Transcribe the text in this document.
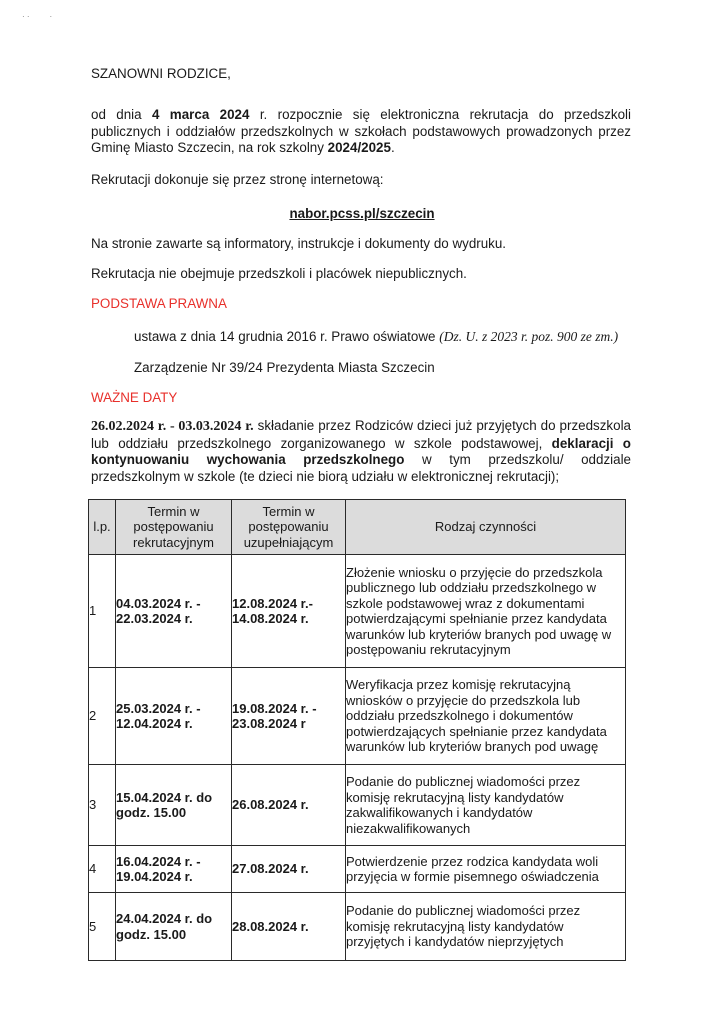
· ·         ·
SZANOWNI RODZICE,
od dnia 4 marca 2024 r. rozpocznie się elektroniczna rekrutacja do przedszkoli publicznych i oddziałów przedszkolnych w szkołach podstawowych prowadzonych przez Gminę Miasto Szczecin, na rok szkolny 2024/2025.
Rekrutacji dokonuje się przez stronę internetową:
nabor.pcss.pl/szczecin
Na stronie zawarte są informatory, instrukcje i dokumenty do wydruku.
Rekrutacja nie obejmuje przedszkoli i placówek niepublicznych.
PODSTAWA PRAWNA
ustawa z dnia 14 grudnia 2016 r. Prawo oświatowe (Dz. U. z 2023 r. poz. 900 ze zm.)
Zarządzenie Nr 39/24 Prezydenta Miasta Szczecin
WAŻNE DATY
26.02.2024 r. - 03.03.2024 r. składanie przez Rodziców dzieci już przyjętych do przedszkola lub oddziału przedszkolnego zorganizowanego w szkole podstawowej, deklaracji o kontynuowaniu wychowania przedszkolnego w tym przedszkolu/ oddziale przedszkolnym w szkole (te dzieci nie biorą udziału w elektronicznej rekrutacji);
l.p.	Termin w postępowaniu rekrutacyjnym	Termin w postępowaniu uzupełniającym	Rodzaj czynności
1	04.03.2024 r. - 22.03.2024 r.	12.08.2024 r.- 14.08.2024 r.	Złożenie wniosku o przyjęcie do przedszkola publicznego lub oddziału przedszkolnego w szkole podstawowej wraz z dokumentami potwierdzającymi spełnianie przez kandydata warunków lub kryteriów branych pod uwagę w postępowaniu rekrutacyjnym
2	25.03.2024 r. - 12.04.2024 r.	19.08.2024 r. - 23.08.2024 r	Weryfikacja przez komisję rekrutacyjną wniosków o przyjęcie do przedszkola lub oddziału przedszkolnego i dokumentów potwierdzających spełnianie przez kandydata warunków lub kryteriów branych pod uwagę
3	15.04.2024 r. do godz. 15.00	26.08.2024 r.	Podanie do publicznej wiadomości przez komisję rekrutacyjną listy kandydatów zakwalifikowanych i kandydatów niezakwalifikowanych
4	16.04.2024 r. - 19.04.2024 r.	27.08.2024 r.	Potwierdzenie przez rodzica kandydata woli przyjęcia w formie pisemnego oświadczenia
5	24.04.2024 r. do godz. 15.00	28.08.2024 r.	Podanie do publicznej wiadomości przez komisję rekrutacyjną listy kandydatów przyjętych i kandydatów nieprzyjętych
